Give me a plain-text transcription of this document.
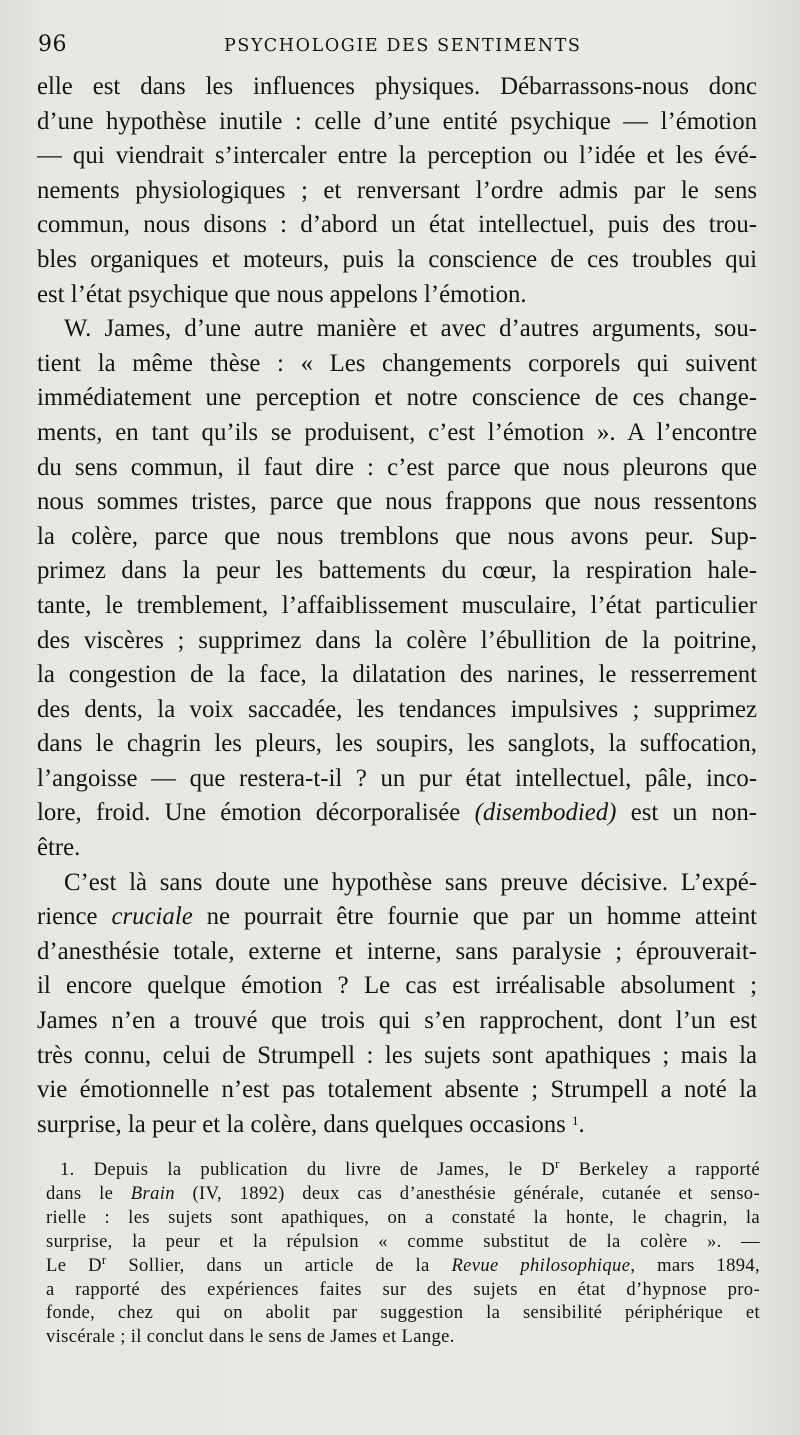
96	PSYCHOLOGIE DES SENTIMENTS
elle est dans les influences physiques. Débarrassons-nous donc
d’une hypothèse inutile : celle d’une entité psychique — l’émotion
— qui viendrait s’intercaler entre la perception ou l’idée et les évé-
nements physiologiques ; et renversant l’ordre admis par le sens
commun, nous disons : d’abord un état intellectuel, puis des trou-
bles organiques et moteurs, puis la conscience de ces troubles qui
est l’état psychique que nous appelons l’émotion.
W. James, d’une autre manière et avec d’autres arguments, sou-
tient la même thèse : « Les changements corporels qui suivent
immédiatement une perception et notre conscience de ces change-
ments, en tant qu’ils se produisent, c’est l’émotion ». A l’encontre
du sens commun, il faut dire : c’est parce que nous pleurons que
nous sommes tristes, parce que nous frappons que nous ressentons
la colère, parce que nous tremblons que nous avons peur. Sup-
primez dans la peur les battements du cœur, la respiration hale-
tante, le tremblement, l’affaiblissement musculaire, l’état particulier
des viscères ; supprimez dans la colère l’ébullition de la poitrine,
la congestion de la face, la dilatation des narines, le resserrement
des dents, la voix saccadée, les tendances impulsives ; supprimez
dans le chagrin les pleurs, les soupirs, les sanglots, la suffocation,
l’angoisse — que restera-t-il ? un pur état intellectuel, pâle, inco-
lore, froid. Une émotion décorporalisée (disembodied) est un non-
être.
C’est là sans doute une hypothèse sans preuve décisive. L’expé-
rience cruciale ne pourrait être fournie que par un homme atteint
d’anesthésie totale, externe et interne, sans paralysie ; éprouverait-
il encore quelque émotion ? Le cas est irréalisable absolument ;
James n’en a trouvé que trois qui s’en rapprochent, dont l’un est
très connu, celui de Strumpell : les sujets sont apathiques ; mais la
vie émotionnelle n’est pas totalement absente ; Strumpell a noté la
surprise, la peur et la colère, dans quelques occasions $^1$.
1. Depuis la publication du livre de James, le $D^r$ Berkeley a rapporté
dans le Brain (IV, 1892) deux cas d’anesthésie générale, cutanée et senso-
rielle : les sujets sont apathiques, on a constaté la honte, le chagrin, la
surprise, la peur et la répulsion « comme substitut de la colère ». —
Le $D^r$ Sollier, dans un article de la Revue philosophique, mars 1894,
a rapporté des expériences faites sur des sujets en état d’hypnose pro-
fonde, chez qui on abolit par suggestion la sensibilité périphérique et
viscérale ; il conclut dans le sens de James et Lange.
